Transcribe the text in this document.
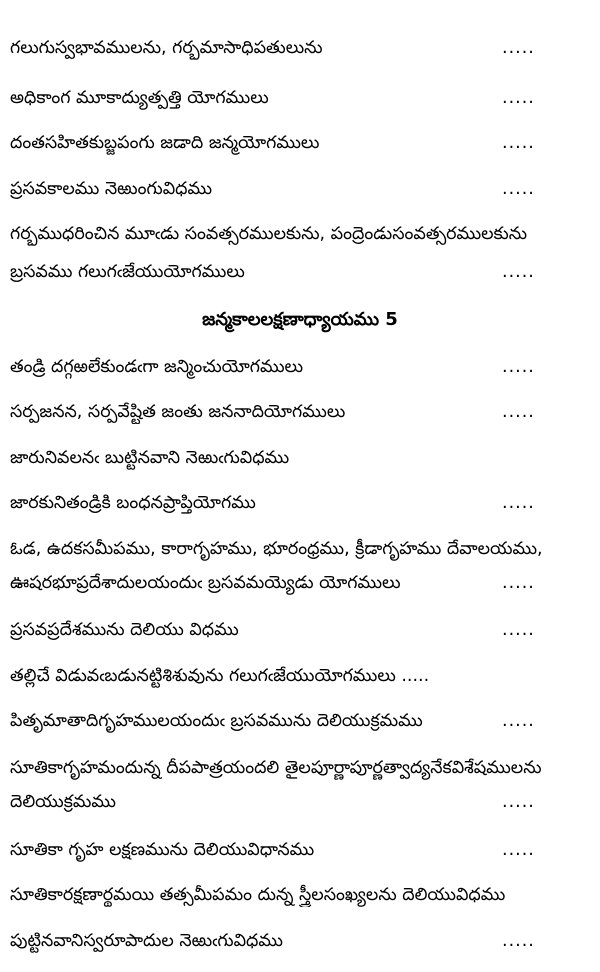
గలుగుస్వభావములను, గర్భమాసాధిపతులును	.....
అధికాంగ మూకాద్యుత్పత్తి యోగములు	.....
దంతసహితకుబ్జపంగు జడాది జన్మయోగములు	.....
ప్రసవకాలము నెఱుంగువిధము	.....
గర్భముధరించిన మూఁడు సంవత్సరములకును, పంద్రెండుసంవత్సరములకును
బ్రసవము గలుగఁజేయుయోగములు	.....
జన్మకాలలక్షణాధ్యాయము 5
తండ్రి దగ్గఱలేకుండఁగా జన్మించుయోగములు	.....
సర్పజనన, సర్పవేష్టిత జంతు జననాదియోగములు	.....
జారునివలనఁ బుట్టినవాని నెఱుఁగువిధము
జారకునితండ్రికి బంధనప్రాప్తియోగము	.....
ఓడ, ఉదకసమీపము, కారాగృహము, భూరంధ్రము, క్రీడాగృహము దేవాలయము,
ఊషరభూప్రదేశాదులయందుఁ బ్రసవమయ్యెడు యోగములు	.....
ప్రసవప్రదేశమును దెలియు విధము	.....
తల్లిచే విడువఁబడునట్టిశిశువును గలుగఁజేయుయోగములు .....
పితృమాతాదిగృహములయందుఁ బ్రసవమును దెలియుక్రమము	.....
సూతికాగృహమందున్న దీపపాత్రయందలి తైలపూర్ణాపూర్ణత్వాద్యనేకవిశేషములను
దెలియుక్రమము	.....
సూతికా గృహ లక్షణమును దెలియువిధానము	.....
సూతికారక్షణార్థమయి తత్సమీపమం దున్న స్త్రీలసంఖ్యలను దెలియువిధము
పుట్టినవానిస్వరూపాదుల నెఱుఁగువిధము	.....
